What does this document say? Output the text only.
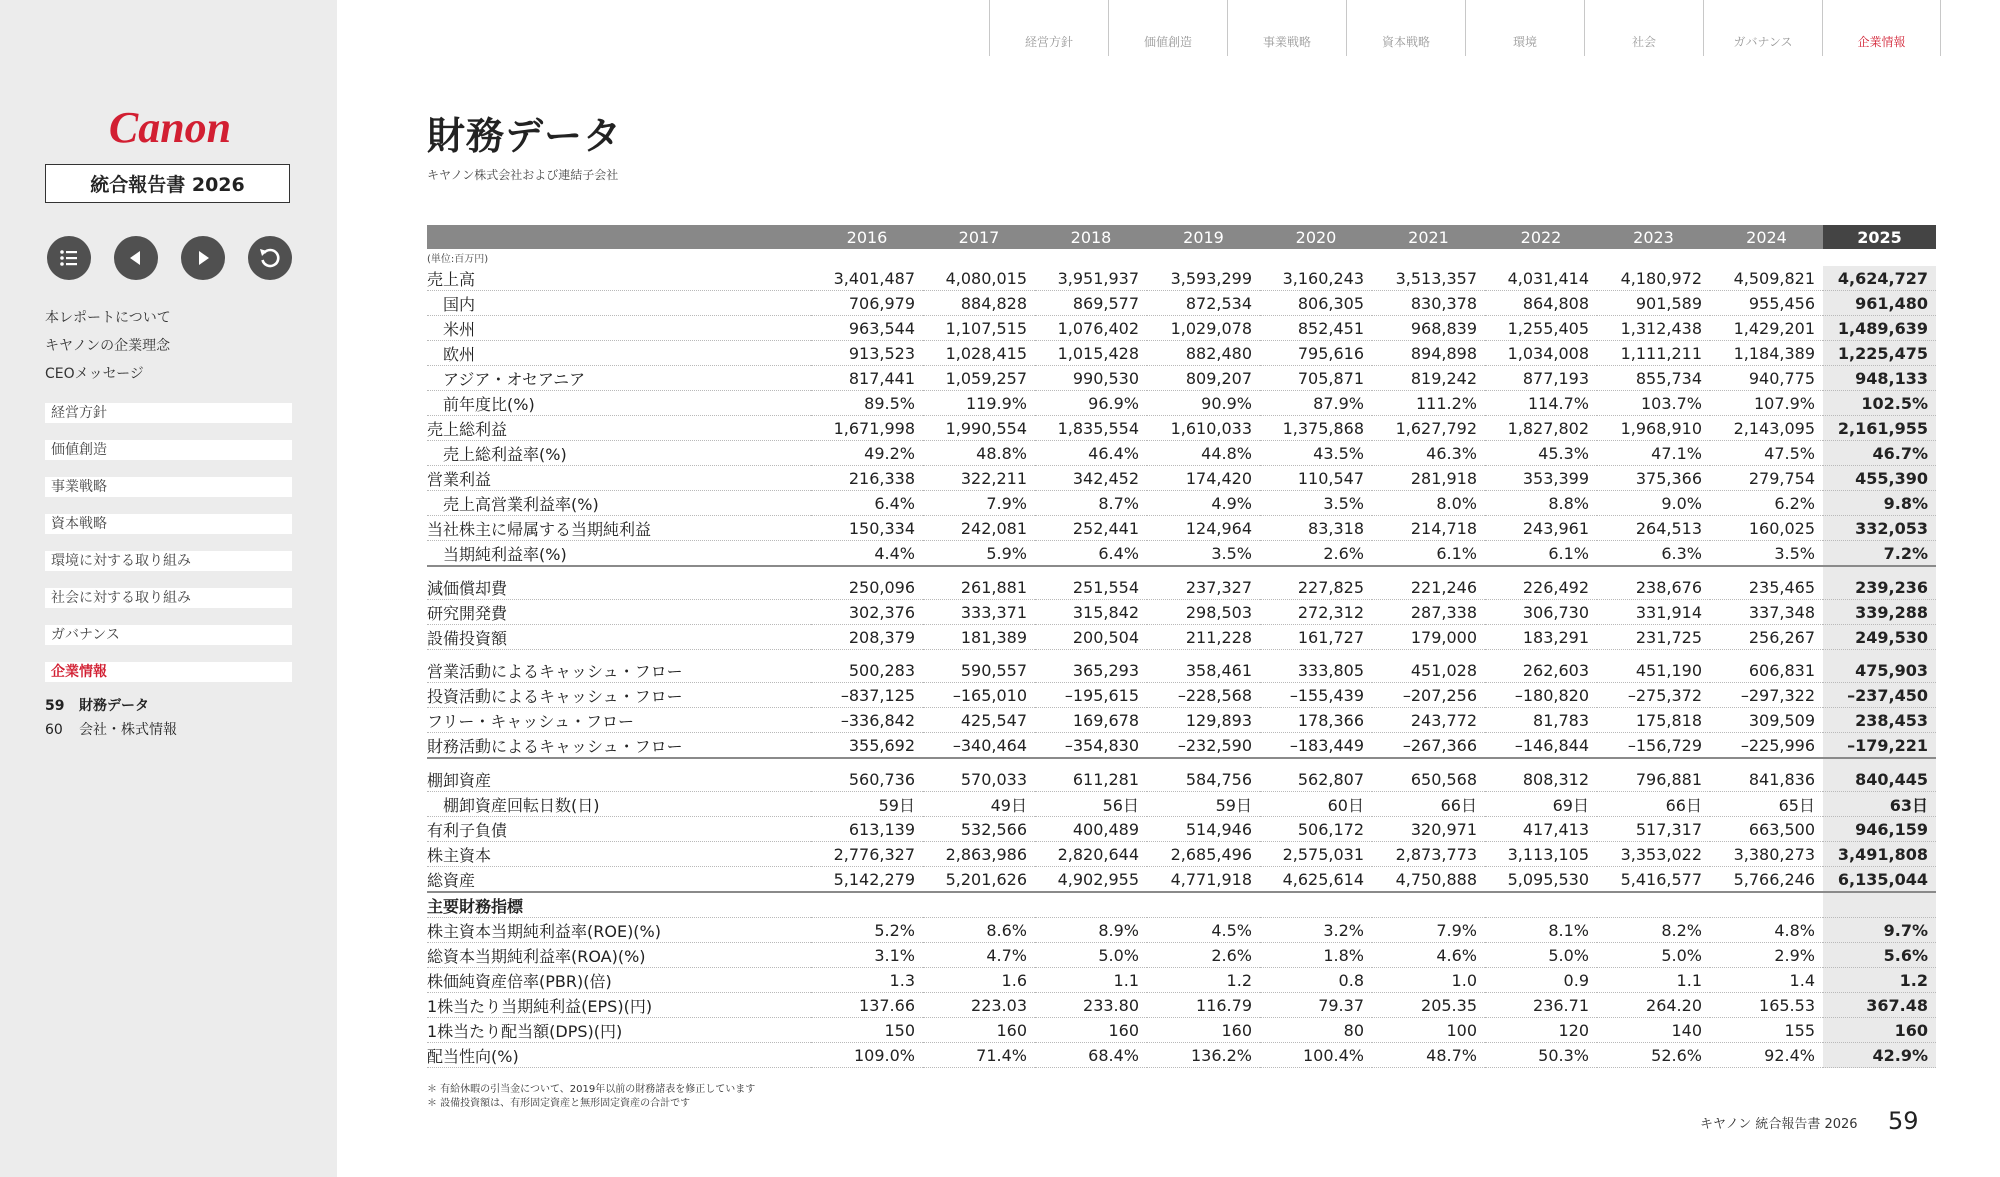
Canon
統合報告書 2026
本レポートについて
キヤノンの企業理念
CEOメッセージ
経営方針
価値創造
事業戦略
資本戦略
環境に対する取り組み
社会に対する取り組み
ガバナンス
企業情報
59 財務データ
60 会社・株式情報
経営方針	価値創造	事業戦略	資本戦略	環境	社会	ガバナンス	企業情報
財務データ
キヤノン株式会社および連結子会社
	2016	2017	2018	2019	2020	2021	2022	2023	2024	2025
(単位:百万円)										
売上高	3,401,487	4,080,015	3,951,937	3,593,299	3,160,243	3,513,357	4,031,414	4,180,972	4,509,821	4,624,727
国内	706,979	884,828	869,577	872,534	806,305	830,378	864,808	901,589	955,456	961,480
米州	963,544	1,107,515	1,076,402	1,029,078	852,451	968,839	1,255,405	1,312,438	1,429,201	1,489,639
欧州	913,523	1,028,415	1,015,428	882,480	795,616	894,898	1,034,008	1,111,211	1,184,389	1,225,475
アジア・オセアニア	817,441	1,059,257	990,530	809,207	705,871	819,242	877,193	855,734	940,775	948,133
前年度比(%)	89.5%	119.9%	96.9%	90.9%	87.9%	111.2%	114.7%	103.7%	107.9%	102.5%
売上総利益	1,671,998	1,990,554	1,835,554	1,610,033	1,375,868	1,627,792	1,827,802	1,968,910	2,143,095	2,161,955
売上総利益率(%)	49.2%	48.8%	46.4%	44.8%	43.5%	46.3%	45.3%	47.1%	47.5%	46.7%
営業利益	216,338	322,211	342,452	174,420	110,547	281,918	353,399	375,366	279,754	455,390
売上高営業利益率(%)	6.4%	7.9%	8.7%	4.9%	3.5%	8.0%	8.8%	9.0%	6.2%	9.8%
当社株主に帰属する当期純利益	150,334	242,081	252,441	124,964	83,318	214,718	243,961	264,513	160,025	332,053
当期純利益率(%)	4.4%	5.9%	6.4%	3.5%	2.6%	6.1%	6.1%	6.3%	3.5%	7.2%

減価償却費	250,096	261,881	251,554	237,327	227,825	221,246	226,492	238,676	235,465	239,236
研究開発費	302,376	333,371	315,842	298,503	272,312	287,338	306,730	331,914	337,348	339,288
設備投資額	208,379	181,389	200,504	211,228	161,727	179,000	183,291	231,725	256,267	249,530

営業活動によるキャッシュ・フロー	500,283	590,557	365,293	358,461	333,805	451,028	262,603	451,190	606,831	475,903
投資活動によるキャッシュ・フロー	–837,125	–165,010	–195,615	–228,568	–155,439	–207,256	–180,820	–275,372	–297,322	–237,450
フリー・キャッシュ・フロー	–336,842	425,547	169,678	129,893	178,366	243,772	81,783	175,818	309,509	238,453
財務活動によるキャッシュ・フロー	355,692	–340,464	–354,830	–232,590	–183,449	–267,366	–146,844	–156,729	–225,996	–179,221

棚卸資産	560,736	570,033	611,281	584,756	562,807	650,568	808,312	796,881	841,836	840,445
棚卸資産回転日数(日)	59日	49日	56日	59日	60日	66日	69日	66日	65日	63日
有利子負債	613,139	532,566	400,489	514,946	506,172	320,971	417,413	517,317	663,500	946,159
株主資本	2,776,327	2,863,986	2,820,644	2,685,496	2,575,031	2,873,773	3,113,105	3,353,022	3,380,273	3,491,808
総資産	5,142,279	5,201,626	4,902,955	4,771,918	4,625,614	4,750,888	5,095,530	5,416,577	5,766,246	6,135,044
主要財務指標										
株主資本当期純利益率(ROE)(%)	5.2%	8.6%	8.9%	4.5%	3.2%	7.9%	8.1%	8.2%	4.8%	9.7%
総資本当期純利益率(ROA)(%)	3.1%	4.7%	5.0%	2.6%	1.8%	4.6%	5.0%	5.0%	2.9%	5.6%
株価純資産倍率(PBR)(倍)	1.3	1.6	1.1	1.2	0.8	1.0	0.9	1.1	1.4	1.2
1株当たり当期純利益(EPS)(円)	137.66	223.03	233.80	116.79	79.37	205.35	236.71	264.20	165.53	367.48
1株当たり配当額(DPS)(円)	150	160	160	160	80	100	120	140	155	160
配当性向(%)	109.0%	71.4%	68.4%	136.2%	100.4%	48.7%	50.3%	52.6%	92.4%	42.9%
＊ 有給休暇の引当金について、2019年以前の財務諸表を修正しています
＊ 設備投資額は、有形固定資産と無形固定資産の合計です
キヤノン 統合報告書 2026 59
